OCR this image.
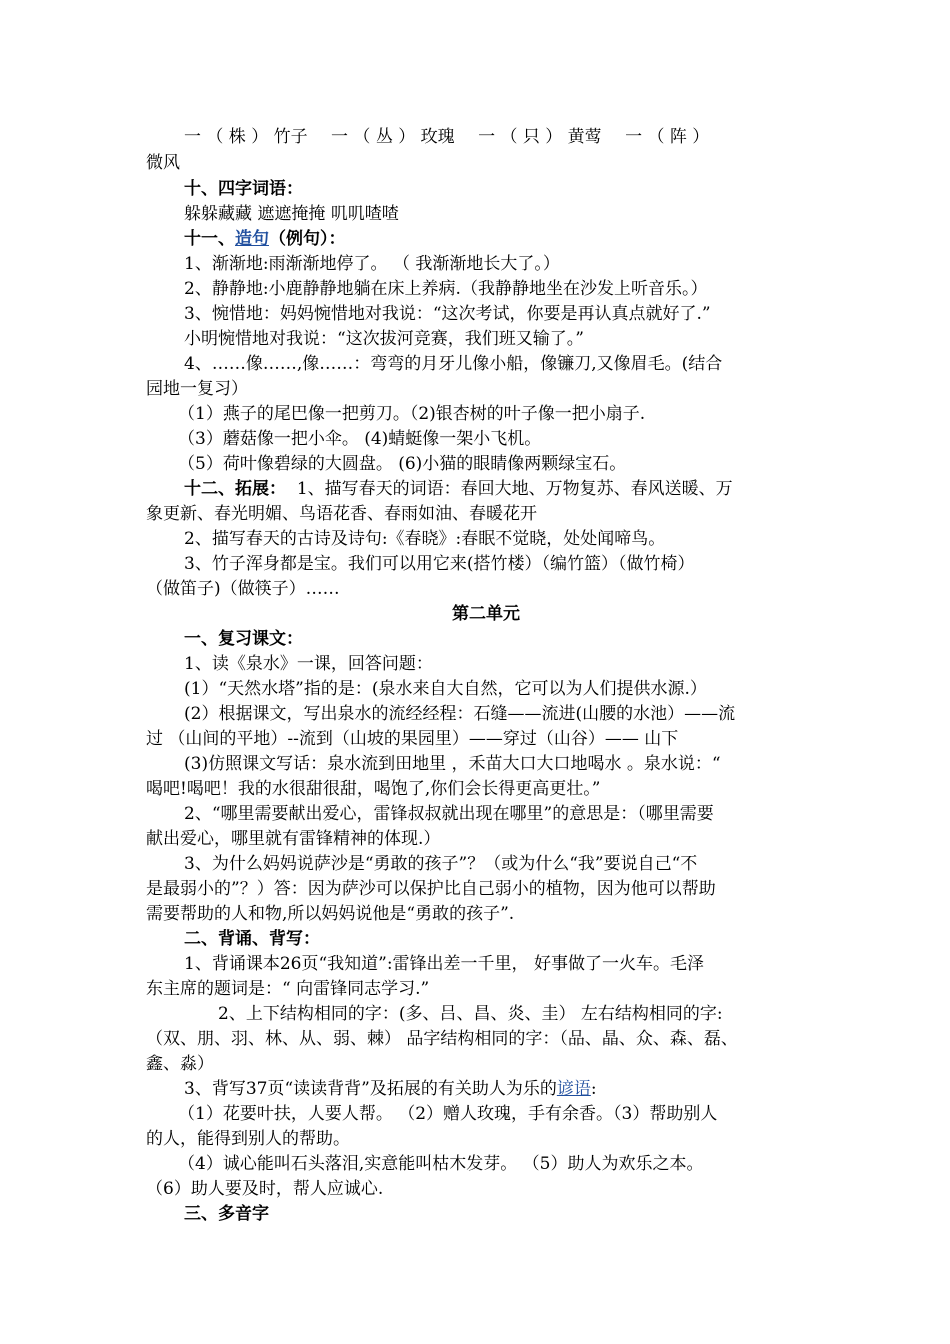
一 （ 株 ） 竹子 一 （ 丛 ） 玫瑰 一 （ 只 ） 黄莺 一 （ 阵 ）
微风
十、四字词语：
躲躲藏藏 遮遮掩掩 叽叽喳喳
十一、造句（例句）：
1、渐渐地:雨渐渐地停了。 （ 我渐渐地长大了。）
2、静静地:小鹿静静地躺在床上养病.（我静静地坐在沙发上听音乐。）
3、惋惜地：妈妈惋惜地对我说：“这次考试，你要是再认真点就好了.”
小明惋惜地对我说：“这次拔河竞赛，我们班又输了。”
4、……像……,像……：弯弯的月牙儿像小船，像镰刀,又像眉毛。(结合
园地一复习）
（1）燕子的尾巴像一把剪刀。（2)银杏树的叶子像一把小扇子.
（3）蘑菇像一把小伞。 (4)蜻蜓像一架小飞机。
（5）荷叶像碧绿的大圆盘。 (6)小猫的眼睛像两颗绿宝石。
十二、拓展： 1、描写春天的词语：春回大地、万物复苏、春风送暖、万
象更新、春光明媚、鸟语花香、春雨如油、春暖花开
2、描写春天的古诗及诗句:《春晓》:春眠不觉晓，处处闻啼鸟。
3、竹子浑身都是宝。我们可以用它来(搭竹楼）（编竹篮）（做竹椅）
（做笛子)（做筷子）……
第二单元
一、复习课文：
1、读《泉水》一课，回答问题：
(1）“天然水塔”指的是：(泉水来自大自然，它可以为人们提供水源.）
(2）根据课文，写出泉水的流经经程：石缝——流进(山腰的水池）——流
过 （山间的平地）--流到（山坡的果园里）——穿过（山谷）—— 山下
(3)仿照课文写话：泉水流到田地里 ，禾苗大口大口地喝水 。泉水说：“
喝吧!喝吧！我的水很甜很甜，喝饱了,你们会长得更高更壮。”
2、“哪里需要献出爱心，雷锋叔叔就出现在哪里”的意思是：（哪里需要
献出爱心，哪里就有雷锋精神的体现.）
3、为什么妈妈说萨沙是“勇敢的孩子”？（或为什么“我”要说自己“不
是最弱小的”？）答：因为萨沙可以保护比自己弱小的植物，因为他可以帮助
需要帮助的人和物,所以妈妈说他是“勇敢的孩子”.
二、背诵、背写：
1、背诵课本26页“我知道”:雷锋出差一千里， 好事做了一火车。毛泽
东主席的题词是：“ 向雷锋同志学习.”
2、上下结构相同的字：(多、吕、昌、炎、圭） 左右结构相同的字:
（双、朋、羽、林、从、弱、棘） 品字结构相同的字：（品、晶、众、森、磊、
鑫、淼）
3、背写37页“读读背背”及拓展的有关助人为乐的谚语:
（1）花要叶扶，人要人帮。 （2）赠人玫瑰，手有余香。（3）帮助别人
的人，能得到别人的帮助。
（4）诚心能叫石头落泪,实意能叫枯木发芽。 （5）助人为欢乐之本。
（6）助人要及时，帮人应诚心.
三、多音字
